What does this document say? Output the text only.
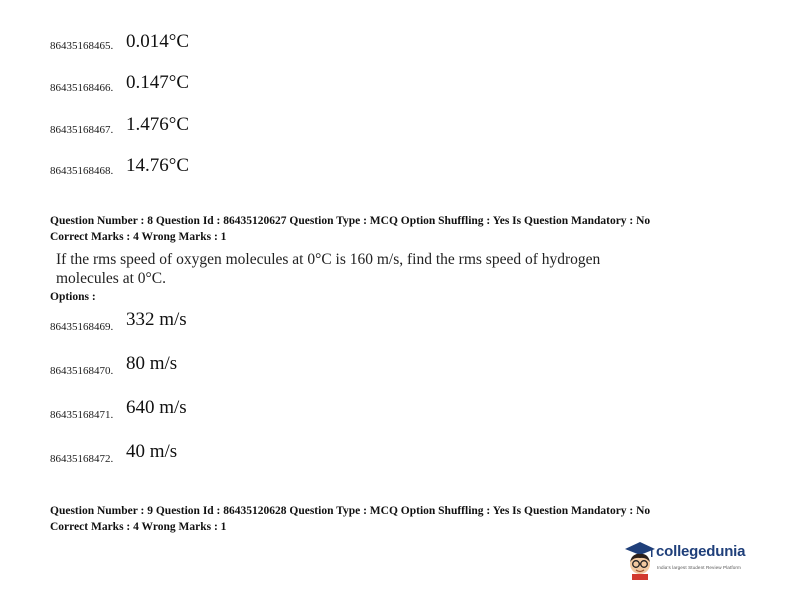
86435168465. 0.014°C
86435168466. 0.147°C
86435168467. 1.476°C
86435168468. 14.76°C
Question Number : 8 Question Id : 86435120627 Question Type : MCQ Option Shuffling : Yes Is Question Mandatory : No
Correct Marks : 4 Wrong Marks : 1
If the rms speed of oxygen molecules at 0°C is 160 m/s, find the rms speed of hydrogen
molecules at 0°C.
Options :
86435168469. 332 m/s
86435168470. 80 m/s
86435168471. 640 m/s
86435168472. 40 m/s
Question Number : 9 Question Id : 86435120628 Question Type : MCQ Option Shuffling : Yes Is Question Mandatory : No
Correct Marks : 4 Wrong Marks : 1
collegedunia
India's largest Student Review Platform
